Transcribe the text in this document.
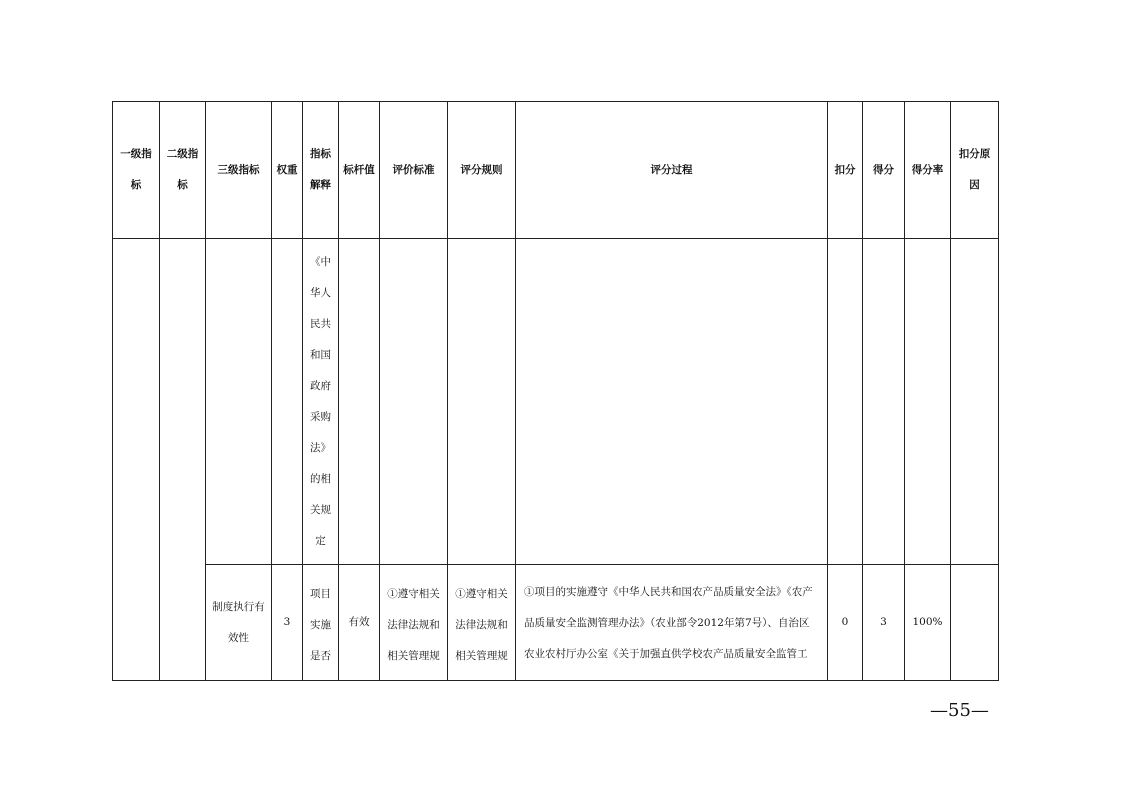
一级指标	二级指标	三级指标	权重	指标解释	标杆值	评价标准	评分规则	评分过程	扣分	得分	得分率	扣分原因

				《中华人民共和国政府采购法》的相关规定								

		制度执行有效性	3	项目实施是否	有效	①遵守相关法律法规和相关管理规	①遵守相关法律法规和相关管理规	①项目的实施遵守《中华人民共和国农产品质量安全法》《农产品质量安全监测管理办法》（农业部令2012年第7号）、自治区农业农村厅办公室《关于加强直供学校农产品质量安全监管工	0	3	100%	
—55—
